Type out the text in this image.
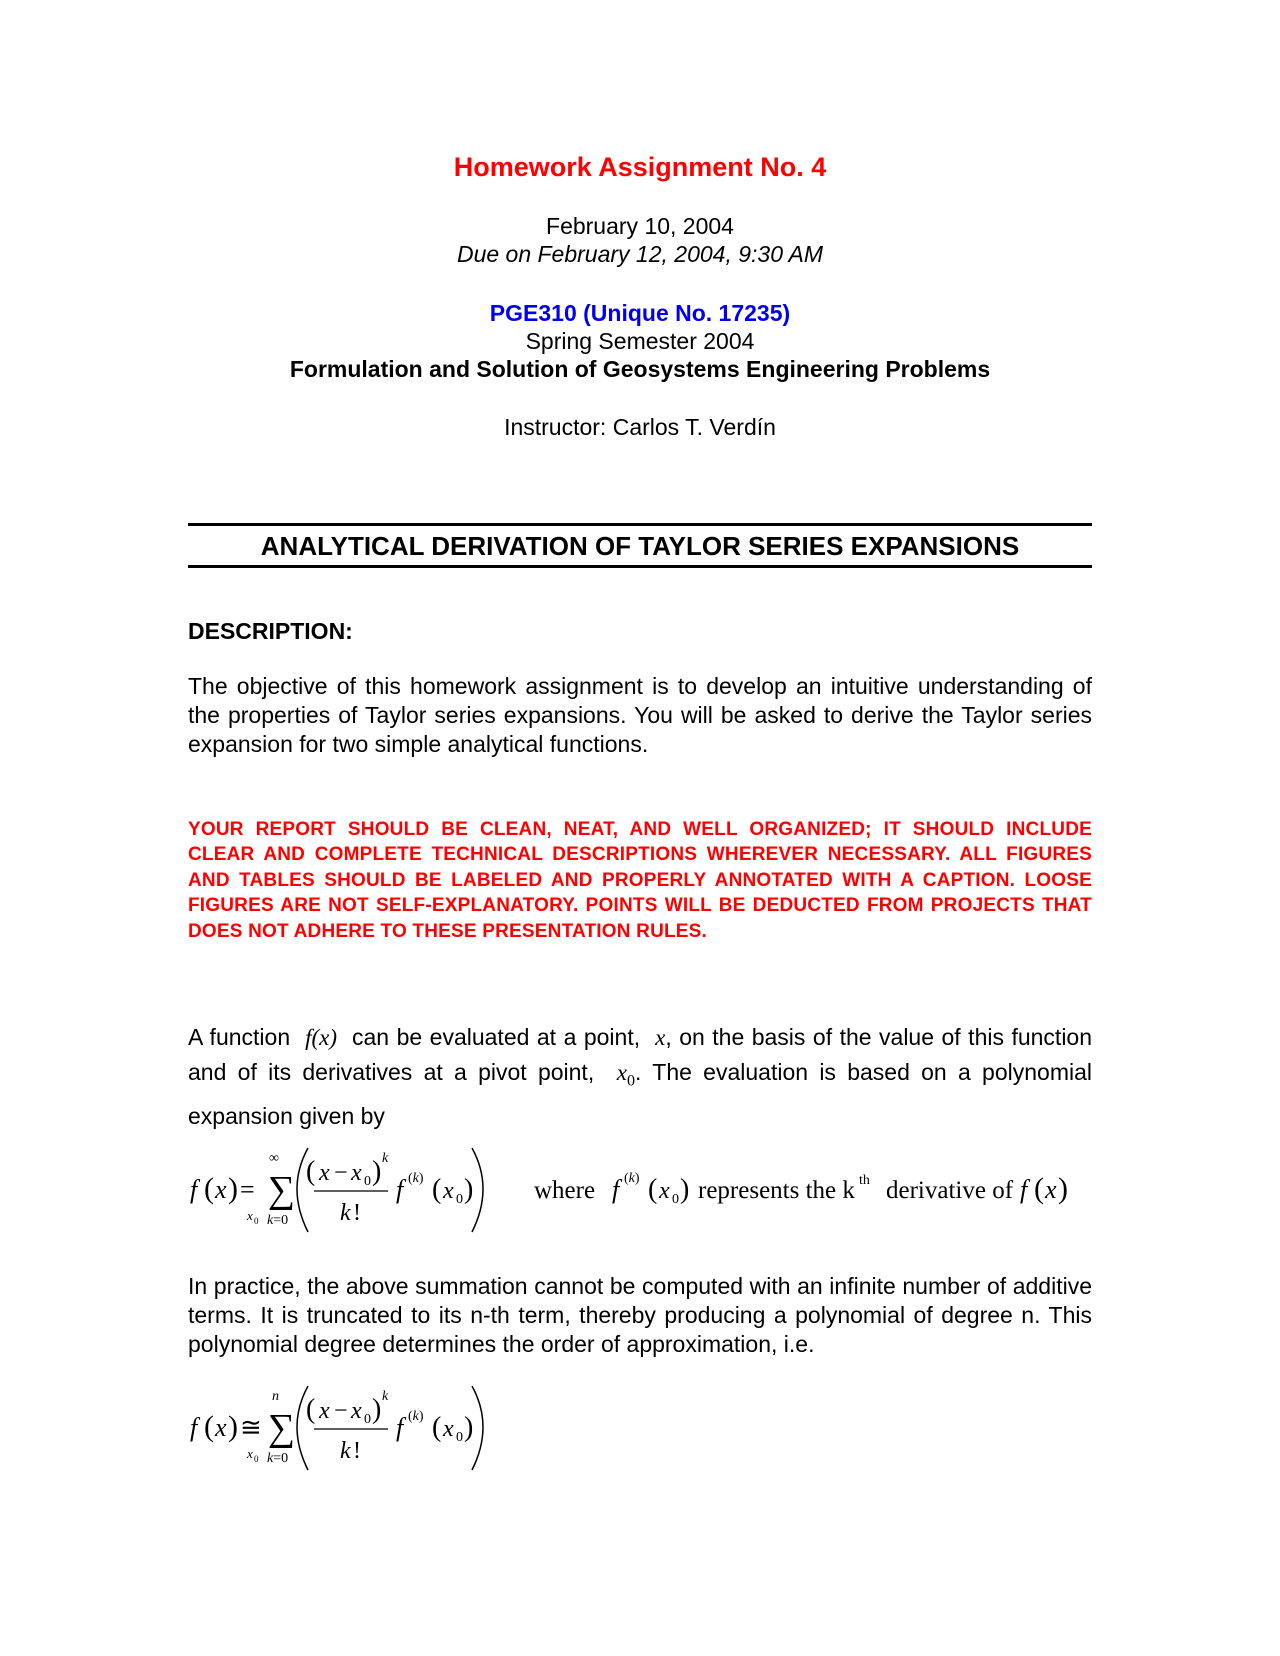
Homework Assignment No. 4
February 10, 2004
Due on February 12, 2004, 9:30 AM
PGE310 (Unique No. 17235)
Spring Semester 2004
Formulation and Solution of Geosystems Engineering Problems
Instructor: Carlos T. Verdín
ANALYTICAL DERIVATION OF TAYLOR SERIES EXPANSIONS
DESCRIPTION:
The objective of this homework assignment is to develop an intuitive understanding of the properties of Taylor series expansions. You will be asked to derive the Taylor series expansion for two simple analytical functions.
YOUR REPORT SHOULD BE CLEAN, NEAT, AND WELL ORGANIZED; IT SHOULD INCLUDE CLEAR AND COMPLETE TECHNICAL DESCRIPTIONS WHEREVER NECESSARY. ALL FIGURES AND TABLES SHOULD BE LABELED AND PROPERLY ANNOTATED WITH A CAPTION. LOOSE FIGURES ARE NOT SELF-EXPLANATORY. POINTS WILL BE DEDUCTED FROM PROJECTS THAT DOES NOT ADHERE TO THESE PRESENTATION RULES.
A function f(x) can be evaluated at a point, x, on the basis of the value of this function and of its derivatives at a pivot point, $x_0$. The evaluation is based on a polynomial expansion given by
f ( x ) = ∑
∞
x 0 k=0
( x − x 0 ) k
k !
f (k) ( x 0 ) where f (k) ( x 0 ) represents the k th derivative of f ( x )
In practice, the above summation cannot be computed with an infinite number of additive terms. It is truncated to its n-th term, thereby producing a polynomial of degree n. This polynomial degree determines the order of approximation, i.e.
f ( x ) ≅ ∑
n
x 0 k=0
( x − x 0 ) k
k !
f (k) ( x 0 )
